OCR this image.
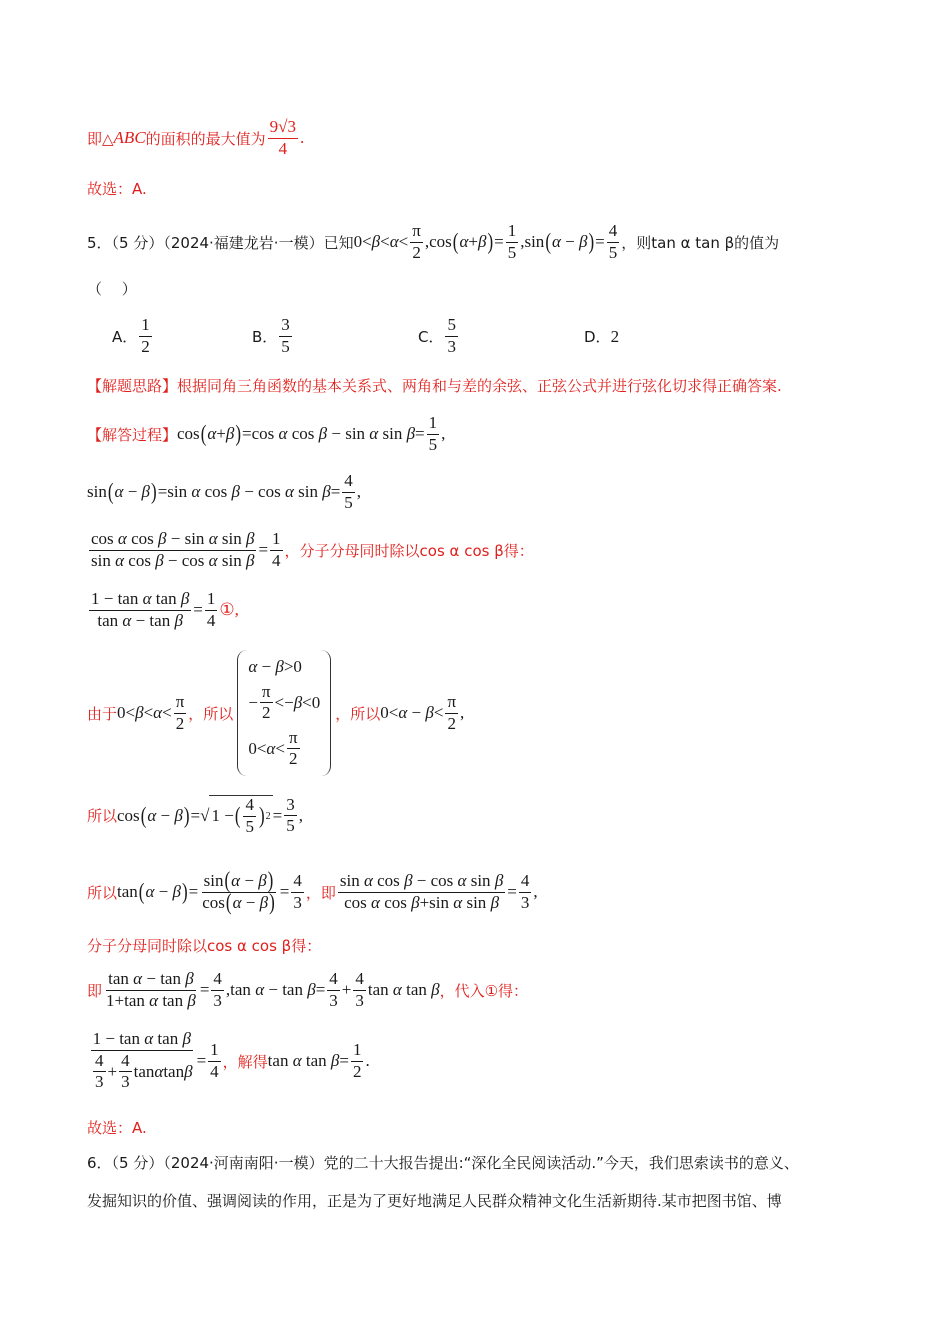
即△ ABC 的面积的最大值为 $\frac{9√3}{4}$ .
故选：A.
5．（5 分）（2024·福建龙岩·一模）已知 $0<\beta<\alpha< \frac{\pi}{2} ,\cos(\alpha+\beta)= \frac{1}{5} ,\sin(\alpha - \beta)= \frac{4}{5}$ ，则tan α tan β的值为
（　 ）
A． $\frac{1}{2}$	B． $\frac{3}{5}$	C． $\frac{5}{3}$	D． 2
【解题思路】 根据同角三角函数的基本关系式、两角和与差的余弦、正弦公式并进行弦化切求得正确答案.
【解答过程】 cos(α+β)=cos α cos β − sin α $\sin \beta= \frac{1}{5}$ ,
sin(α − β)=sin α cos β − cos α $\sin \beta= \frac{4}{5}$ ,
$\frac{\text{cos α cos β − sin α sin β}}{\text{sin α cos β − cos α sin β}} = \frac{1}{4}$ ，分子分母同时除以cos α cos β得：
$\frac{\text{1 − tan α tan β}}{\text{tan α − tan β}} = \frac{1}{4}$ ①,
由于 $0<\beta<\alpha< \frac{\pi}{2}$ ，所以
α − β>0
− $\frac{\pi}{2} <- \beta <0$
$0< \alpha < \frac{\pi}{2}$
，所以 $0<\alpha - \beta< \frac{\pi}{2}$ ,
所以 cos(α − β)= √ 1 − ( $\frac{4}{5}$ ) $2 = \frac{3}{5}$ ,
所以 $\tan(\alpha - \beta)= \frac{\sin(\alpha - \beta)}{\cos(\alpha - \beta)} = \frac{4}{3}$ ，即 $\frac{\text{sin α cos β − cos α sin β}}{\text{cos α cos β+sin α sin β}} = \frac{4}{3}$ ,
分子分母同时除以cos α cos β得：
即 $\frac{\text{tan α − tan β}}{\text{1+tan α tan β}} = \frac{4}{3} ,\tan$ $\alpha - \tan \beta= \frac{4}{3} + \frac{4}{3}$ tan α tan β ，代入①得：
$\frac{\text{1 − tan α tan β}}{\frac{4}{3} + \frac{4}{3} \tan \alpha \tan \beta} = \frac{1}{4}$ ，解得 tan α $\tan \beta= \frac{1}{2}$ .
故选：A.
6．（5 分）（2024·河南南阳·一模）党的二十大报告提出:“深化全民阅读活动.”今天，我们思索读书的意义、
发掘知识的价值、强调阅读的作用，正是为了更好地满足人民群众精神文化生活新期待.某市把图书馆、博
